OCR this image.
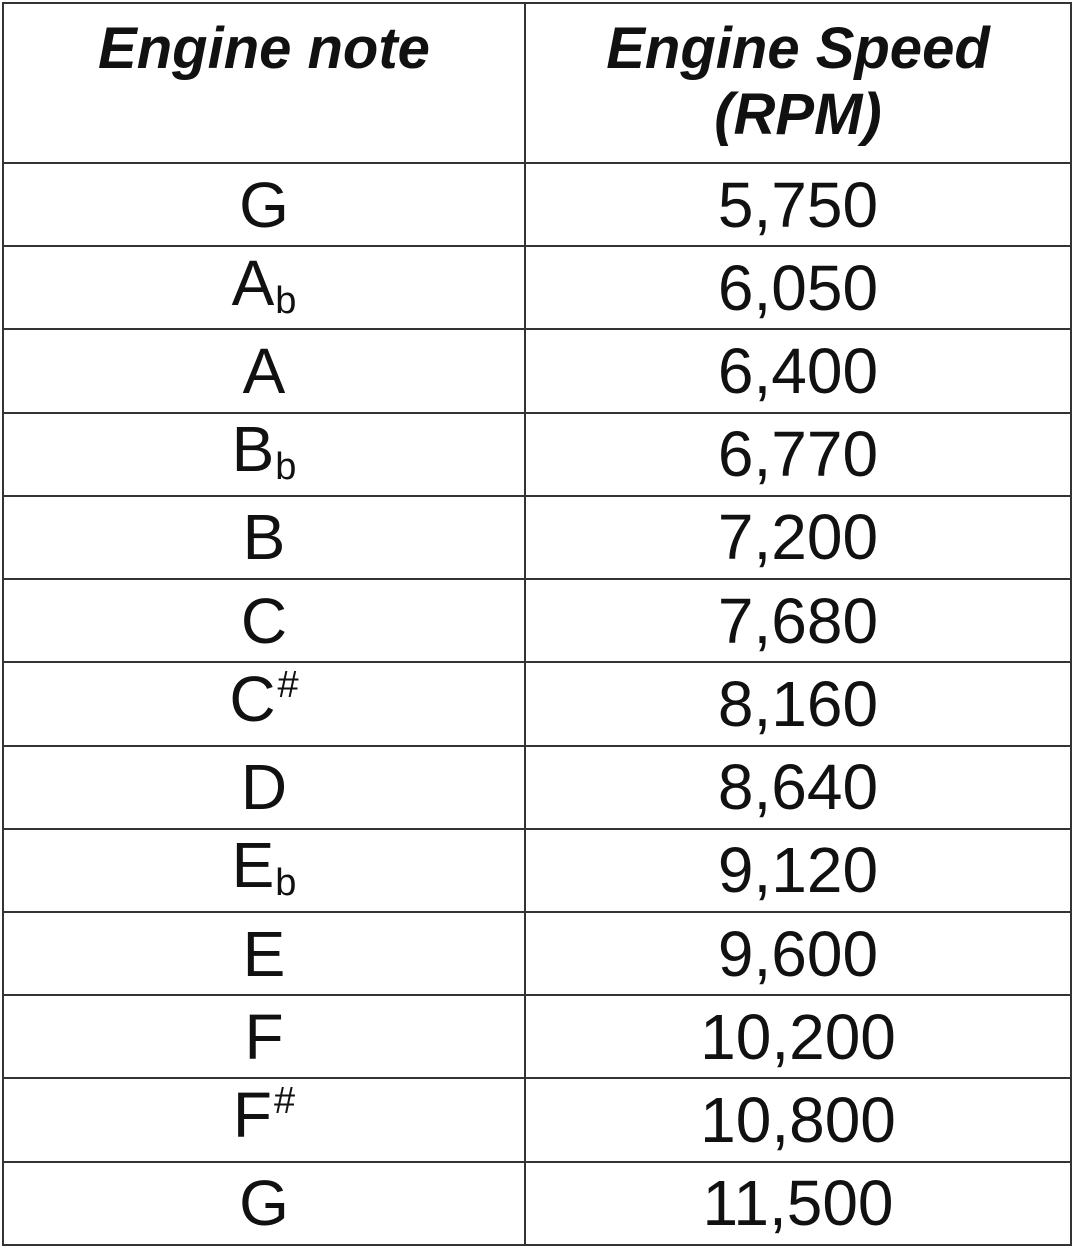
Engine note	Engine Speed (RPM)
G	5,750
Ab	6,050
A	6,400
Bb	6,770
B	7,200
C	7,680
C#	8,160
D	8,640
Eb	9,120
E	9,600
F	10,200
F#	10,800
G	11,500
